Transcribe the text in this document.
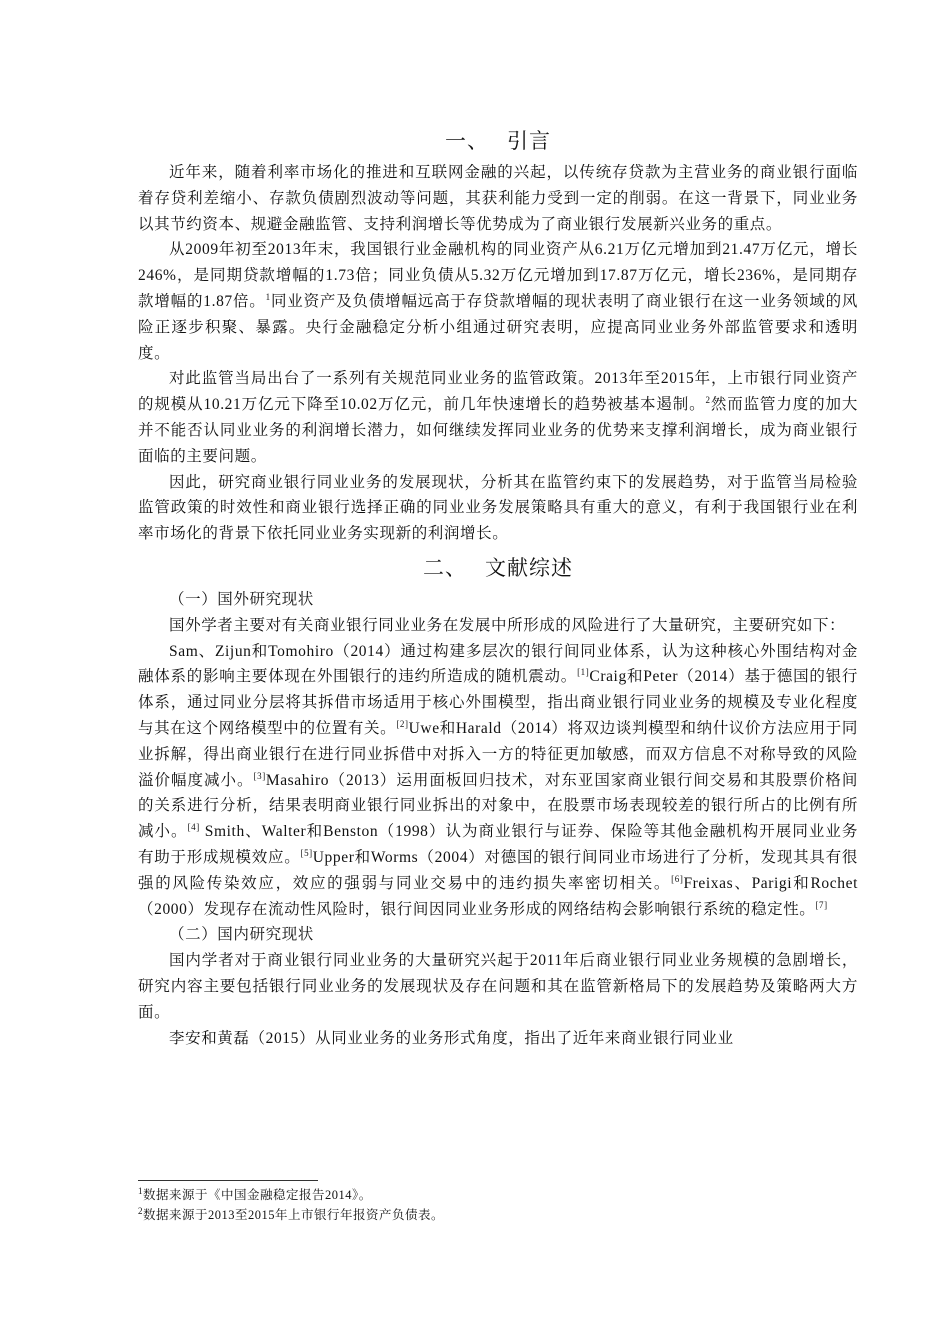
一、 引言

近年来，随着利率市场化的推进和互联网金融的兴起，以传统存贷款为主营业务的商业银行面临着存贷利差缩小、存款负债剧烈波动等问题，其获利能力受到一定的削弱。在这一背景下，同业业务以其节约资本、规避金融监管、支持利润增长等优势成为了商业银行发展新兴业务的重点。

从2009年初至2013年末，我国银行业金融机构的同业资产从6.21万亿元增加到21.47万亿元，增长246%，是同期贷款增幅的1.73倍；同业负债从5.32万亿元增加到17.87万亿元，增长236%，是同期存款增幅的1.87倍。$^1$同业资产及负债增幅远高于存贷款增幅的现状表明了商业银行在这一业务领域的风险正逐步积聚、暴露。央行金融稳定分析小组通过研究表明，应提高同业业务外部监管要求和透明度。

对此监管当局出台了一系列有关规范同业业务的监管政策。2013年至2015年，上市银行同业资产的规模从10.21万亿元下降至10.02万亿元，前几年快速增长的趋势被基本遏制。$^2$然而监管力度的加大并不能否认同业业务的利润增长潜力，如何继续发挥同业业务的优势来支撑利润增长，成为商业银行面临的主要问题。

因此，研究商业银行同业业务的发展现状，分析其在监管约束下的发展趋势，对于监管当局检验监管政策的时效性和商业银行选择正确的同业业务发展策略具有重大的意义，有利于我国银行业在利率市场化的背景下依托同业业务实现新的利润增长。

二、 文献综述

（一）国外研究现状

国外学者主要对有关商业银行同业业务在发展中所形成的风险进行了大量研究，主要研究如下：

Sam、Zijun和Tomohiro（2014）通过构建多层次的银行间同业体系，认为这种核心外围结构对金融体系的影响主要体现在外围银行的违约所造成的随机震动。[1]Craig和Peter（2014）基于德国的银行体系，通过同业分层将其拆借市场适用于核心外围模型，指出商业银行同业业务的规模及专业化程度与其在这个网络模型中的位置有关。[2]Uwe和Harald（2014）将双边谈判模型和纳什议价方法应用于同业拆解，得出商业银行在进行同业拆借中对拆入一方的特征更加敏感，而双方信息不对称导致的风险溢价幅度减小。[3]Masahiro（2013）运用面板回归技术，对东亚国家商业银行间交易和其股票价格间的关系进行分析，结果表明商业银行同业拆出的对象中，在股票市场表现较差的银行所占的比例有所减小。[4] Smith、Walter和Benston（1998）认为商业银行与证券、保险等其他金融机构开展同业业务有助于形成规模效应。[5]Upper和Worms（2004）对德国的银行间同业市场进行了分析，发现其具有很强的风险传染效应，效应的强弱与同业交易中的违约损失率密切相关。[6]Freixas、Parigi和Rochet（2000）发现存在流动性风险时，银行间因同业业务形成的网络结构会影响银行系统的稳定性。[7]

（二）国内研究现状

国内学者对于商业银行同业业务的大量研究兴起于2011年后商业银行同业业务规模的急剧增长，研究内容主要包括银行同业业务的发展现状及存在问题和其在监管新格局下的发展趋势及策略两大方面。

李安和黄磊（2015）从同业业务的业务形式角度，指出了近年来商业银行同业业

$^1$数据来源于《中国金融稳定报告2014》。
$^2$数据来源于2013至2015年上市银行年报资产负债表。
